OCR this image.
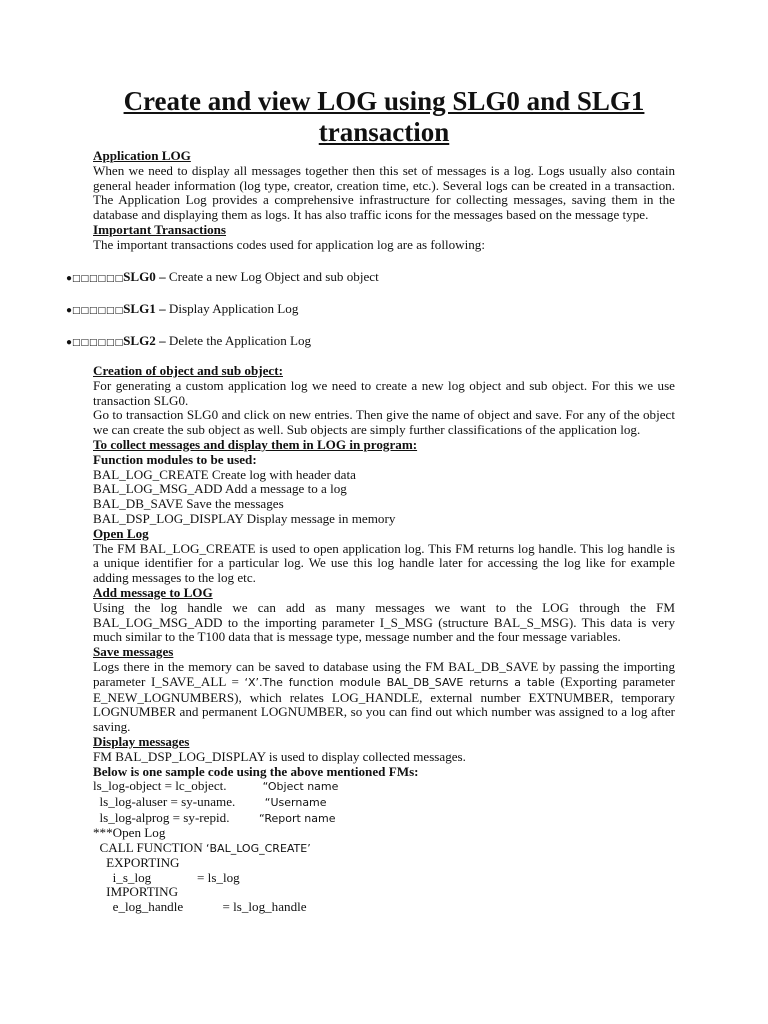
Create and view LOG using SLG0 and SLG1 transaction
Application LOG
When we need to display all messages together then this set of messages is a log. Logs usually also contain general header information (log type, creator, creation time, etc.). Several logs can be created in a transaction. The Application Log provides a comprehensive infrastructure for collecting messages, saving them in the database and displaying them as logs. It has also traffic icons for the messages based on the message type.
Important Transactions
The important transactions codes used for application log are as following:
●□□□□□□SLG0 – Create a new Log Object and sub object
●□□□□□□SLG1 – Display Application Log
●□□□□□□SLG2 – Delete the Application Log
Creation of object and sub object:
For generating a custom application log we need to create a new log object and sub object. For this we use transaction SLG0.
Go to transaction SLG0 and click on new entries. Then give the name of object and save. For any of the object we can create the sub object as well. Sub objects are simply further classifications of the application log.
To collect messages and display them in LOG in program:
Function modules to be used:
BAL_LOG_CREATE Create log with header data
BAL_LOG_MSG_ADD Add a message to a log
BAL_DB_SAVE Save the messages
BAL_DSP_LOG_DISPLAY Display message in memory
Open Log
The FM BAL_LOG_CREATE is used to open application log. This FM returns log handle. This log handle is a unique identifier for a particular log. We use this log handle later for accessing the log like for example adding messages to the log etc.
Add message to LOG
Using the log handle we can add as many messages we want to the LOG through the FM BAL_LOG_MSG_ADD to the importing parameter I_S_MSG (structure BAL_S_MSG). This data is very much similar to the T100 data that is message type, message number and the four message variables.
Save messages
Logs there in the memory can be saved to database using the FM BAL_DB_SAVE by passing the importing parameter I_SAVE_ALL = ‘X’.The function module BAL_DB_SAVE returns a table (Exporting parameter E_NEW_LOGNUMBERS), which relates LOG_HANDLE, external number EXTNUMBER, temporary LOGNUMBER and permanent LOGNUMBER, so you can find out which number was assigned to a log after saving.
Display messages
FM BAL_DSP_LOG_DISPLAY is used to display collected messages.
Below is one sample code using the above mentioned FMs:
ls_log-object = lc_object.           “Object name
ls_log-aluser = sy-uname.         “Username
ls_log-alprog = sy-repid.         “Report name
***Open Log
CALL FUNCTION ‘BAL_LOG_CREATE’
EXPORTING
i_s_log              = ls_log
IMPORTING
e_log_handle            = ls_log_handle
